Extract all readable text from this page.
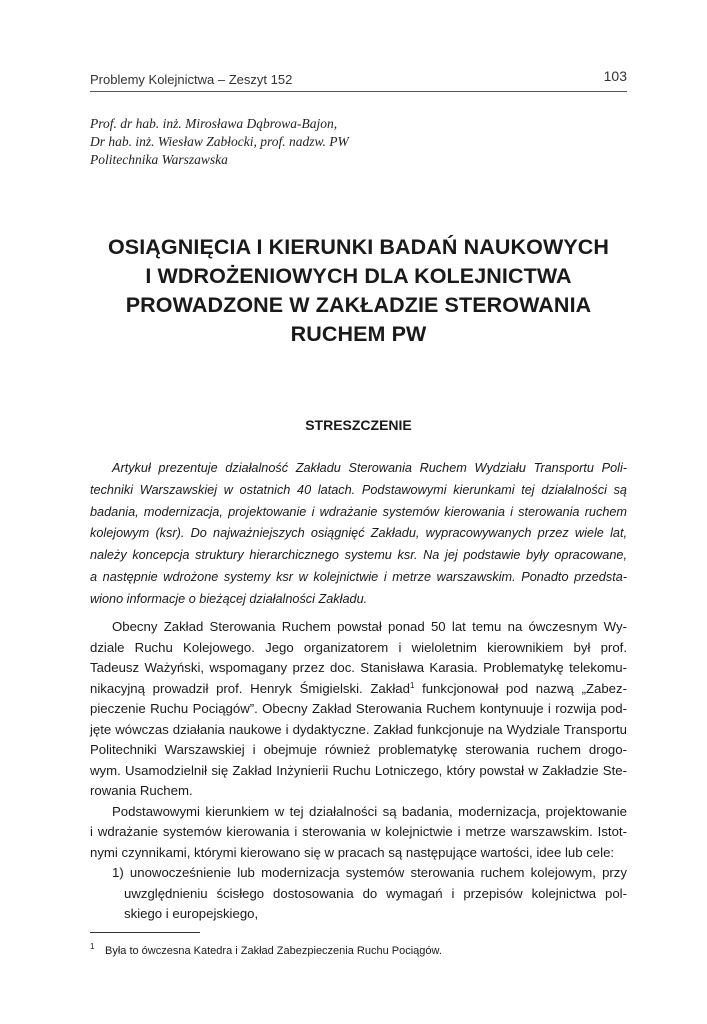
Problemy Kolejnictwa – Zeszyt 152	103
Prof. dr hab. inż. Mirosława Dąbrowa-Bajon,
Dr hab. inż. Wiesław Zabłocki, prof. nadzw. PW
Politechnika Warszawska
OSIĄGNIĘCIA I KIERUNKI BADAŃ NAUKOWYCH
I WDROŻENIOWYCH DLA KOLEJNICTWA
PROWADZONE W ZAKŁADZIE STEROWANIA
RUCHEM PW
STRESZCZENIE
Artykuł prezentuje działalność Zakładu Sterowania Ruchem Wydziału Transportu Poli-
techniki Warszawskiej w ostatnich 40 latach. Podstawowymi kierunkami tej działalności są
badania, modernizacja, projektowanie i wdrażanie systemów kierowania i sterowania ruchem
kolejowym (ksr). Do najważniejszych osiągnięć Zakładu, wypracowywanych przez wiele lat,
należy koncepcja struktury hierarchicznego systemu ksr. Na jej podstawie były opracowane,
a następnie wdrożone systemy ksr w kolejnictwie i metrze warszawskim. Ponadto przedsta-
wiono informacje o bieżącej działalności Zakładu.
Obecny Zakład Sterowania Ruchem powstał ponad 50 lat temu na ówczesnym Wy-
dziale Ruchu Kolejowego. Jego organizatorem i wieloletnim kierownikiem był prof.
Tadeusz Ważyński, wspomagany przez doc. Stanisława Karasia. Problematykę telekomu-
nikacyjną prowadził prof. Henryk Śmigielski. Zakład$^1$ funkcjonował pod nazwą „Zabez-
pieczenie Ruchu Pociągów”. Obecny Zakład Sterowania Ruchem kontynuuje i rozwija pod-
jęte wówczas działania naukowe i dydaktyczne. Zakład funkcjonuje na Wydziale Transportu
Politechniki Warszawskiej i obejmuje również problematykę sterowania ruchem drogo-
wym. Usamodzielnił się Zakład Inżynierii Ruchu Lotniczego, który powstał w Zakładzie Ste-
rowania Ruchem.
Podstawowymi kierunkiem w tej działalności są badania, modernizacja, projektowanie
i wdrażanie systemów kierowania i sterowania w kolejnictwie i metrze warszawskim. Istot-
nymi czynnikami, którymi kierowano się w pracach są następujące wartości, idee lub cele:
1) unowocześnienie lub modernizacja systemów sterowania ruchem kolejowym, przy
uwzględnieniu ścisłego dostosowania do wymagań i przepisów kolejnictwa pol-
skiego i europejskiego,
1 Była to ówczesna Katedra i Zakład Zabezpieczenia Ruchu Pociągów.
